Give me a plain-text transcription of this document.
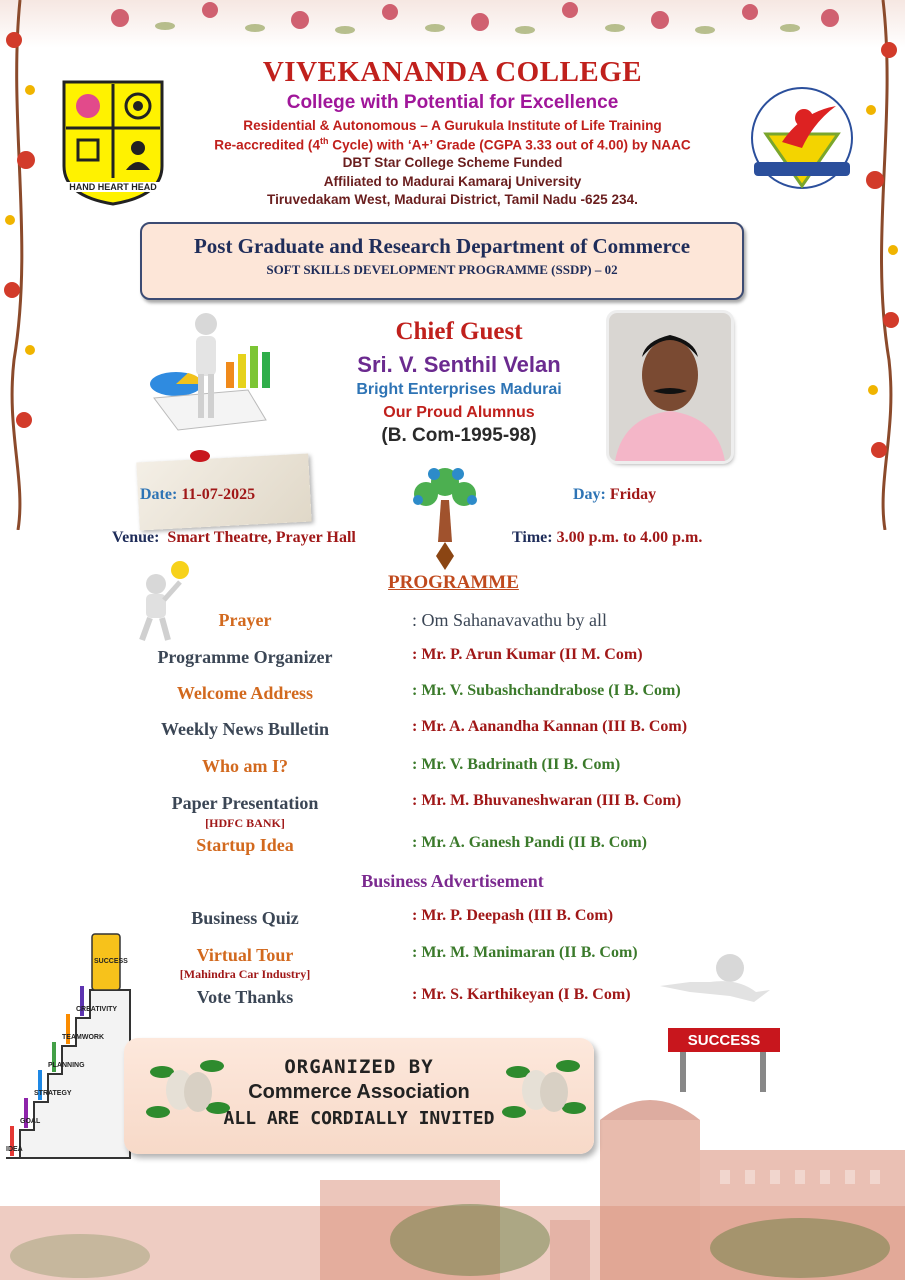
HAND HEART HEAD
VIVEKANANDA COLLEGE
College with Potential for Excellence
Residential & Autonomous – A Gurukula Institute of Life Training
Re-accredited (4th Cycle) with ‘A+’ Grade (CGPA 3.33 out of 4.00) by NAAC
DBT Star College Scheme Funded
Affiliated to Madurai Kamaraj University
Tiruvedakam West, Madurai District, Tamil Nadu -625 234.
Post Graduate and Research Department of Commerce
SOFT SKILLS DEVELOPMENT PROGRAMME (SSDP) – 02
Chief Guest
Sri. V. Senthil Velan
Bright Enterprises Madurai
Our Proud Alumnus
(B. Com-1995-98)
Date: 11-07-2025	Day: Friday
Venue: Smart Theatre, Prayer Hall	Time: 3.00 p.m. to 4.00 p.m.
PROGRAMME
Prayer	: Om Sahanavavathu by all
Programme Organizer	: Mr. P. Arun Kumar (II M. Com)
Welcome Address	: Mr. V. Subashchandrabose (I B. Com)
Weekly News Bulletin	: Mr. A. Aanandha Kannan (III B. Com)
Who am I?	: Mr. V. Badrinath (II B. Com)
Paper Presentation
[HDFC BANK]
: Mr. M. Bhuvaneshwaran (III B. Com)
Startup Idea	: Mr. A. Ganesh Pandi (II B. Com)
Business Advertisement
Business Quiz	: Mr. P. Deepash (III B. Com)
Virtual Tour
[Mahindra Car Industry]
: Mr. M. Manimaran (II B. Com)
Vote Thanks	: Mr. S. Karthikeyan (I B. Com)
IDEA
GOAL
STRATEGY
PLANNING
TEAMWORK
CREATIVITY
SUCCESS
SUCCESS
ORGANIZED BY
Commerce Association
ALL ARE CORDIALLY INVITED
